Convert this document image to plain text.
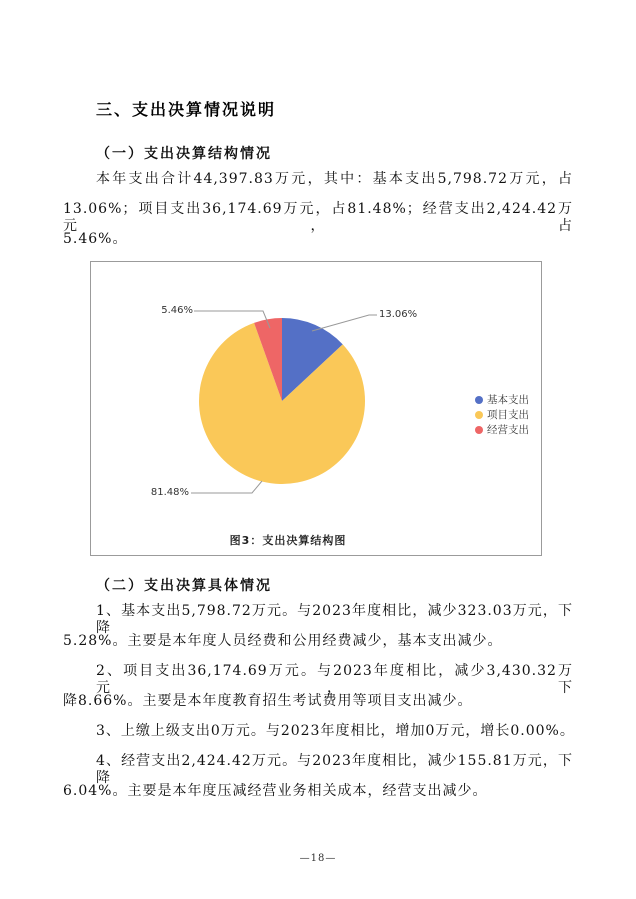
三、支出决算情况说明
（一）支出决算结构情况
本年支出合计44,397.83万元，其中：基本支出5,798.72万元，占
13.06%；项目支出36,174.69万元，占81.48%；经营支出2,424.42万元，占
5.46%。
5.46%	13.06%
81.48%
基本支出
项目支出
经营支出
图3：支出决算结构图
（二）支出决算具体情况
1、基本支出5,798.72万元。与2023年度相比，减少323.03万元，下降
5.28%。主要是本年度人员经费和公用经费减少，基本支出减少。
2、项目支出36,174.69万元。与2023年度相比，减少3,430.32万元，下
降8.66%。主要是本年度教育招生考试费用等项目支出减少。
3、上缴上级支出0万元。与2023年度相比，增加0万元，增长0.00%。
4、经营支出2,424.42万元。与2023年度相比，减少155.81万元，下降
6.04%。主要是本年度压减经营业务相关成本，经营支出减少。
—18—
